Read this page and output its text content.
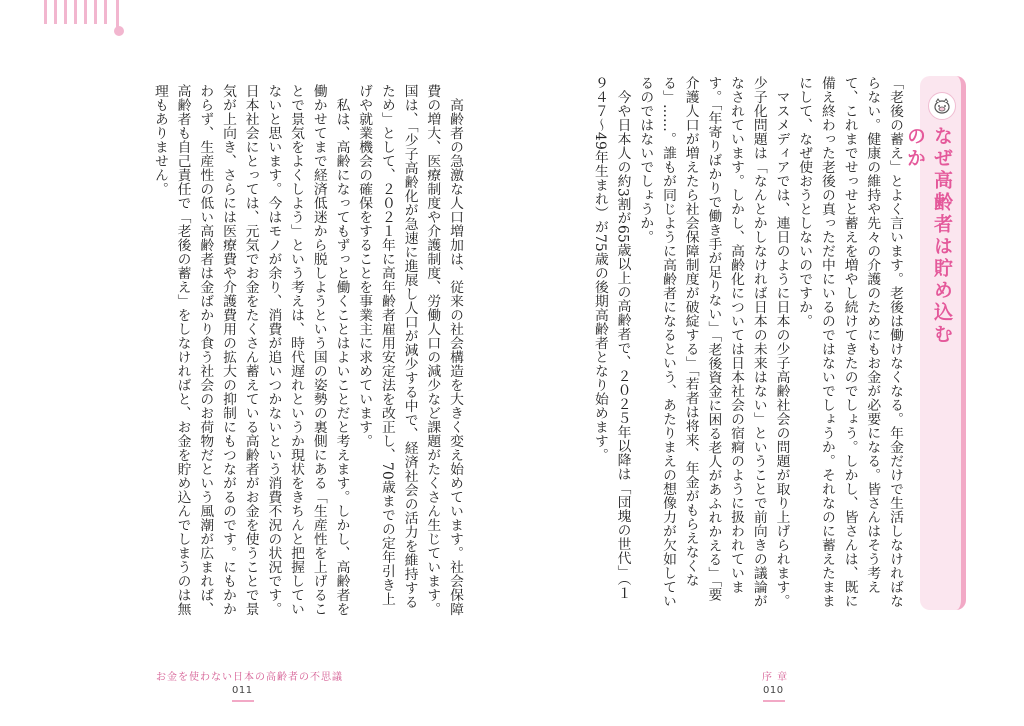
なぜ高齢者は貯め込むのか

「老後の蓄え」とよく言います。老後は働けなくなる。年金だけで生活しなければならない。健康の維持や先々の介護のためにもお金が必要になる。皆さんはそう考えて、これまでせっせと蓄えを増やし続けてきたのでしょう。しかし、皆さんは、既に備え終わった老後の真っただ中にいるのではないでしょうか。それなのに蓄えたままにして、なぜ使おうとしないのですか。

マスメディアでは、連日のように日本の少子高齢社会の問題が取り上げられます。少子化問題は「なんとかしなければ日本の未来はない」ということで前向きの議論がなされています。しかし、高齢化については日本社会の宿痾のように扱われています。「年寄りばかりで働き手が足りない」「老後資金に困る老人があふれかえる」「要介護人口が増えたら社会保障制度が破綻する」「若者は将来、年金がもらえなくなる」……。誰もが同じように高齢者になるという、あたりまえの想像力が欠如しているのではないでしょうか。

今や日本人の約3割が65歳以上の高齢者で、２０２５年以降は「団塊の世代」（１９４７～49年生まれ）が75歳の後期高齢者となり始めます。

高齢者の急激な人口増加は、従来の社会構造を大きく変え始めています。社会保障費の増大、医療制度や介護制度、労働人口の減少など課題がたくさん生じています。国は、「少子高齢化が急速に進展し人口が減少する中で、経済社会の活力を維持するため」として、２０２１年に高年齢者雇用安定法を改正し、70歳までの定年引き上げや就業機会の確保をすることを事業主に求めています。

私は、高齢になってもずっと働くことはよいことだと考えます。しかし、高齢者を働かせてまで経済低迷から脱しようという国の姿勢の裏側にある「生産性を上げることで景気をよくしよう」という考えは、時代遅れというか現状をきちんと把握していないと思います。今はモノが余り、消費が追いつかないという消費不況の状況です。日本社会にとっては、元気でお金をたくさん蓄えている高齢者がお金を使うことで景気が上向き、さらには医療費や介護費用の拡大の抑制にもつながるのです。にもかかわらず、生産性の低い高齢者は金ばかり食う社会のお荷物だという風潮が広まれば、高齢者も自己責任で「老後の蓄え」をしなければと、お金を貯め込んでしまうのは無理もありません。

お金を使わない日本の高齢者の不思議
011
序 章
010
